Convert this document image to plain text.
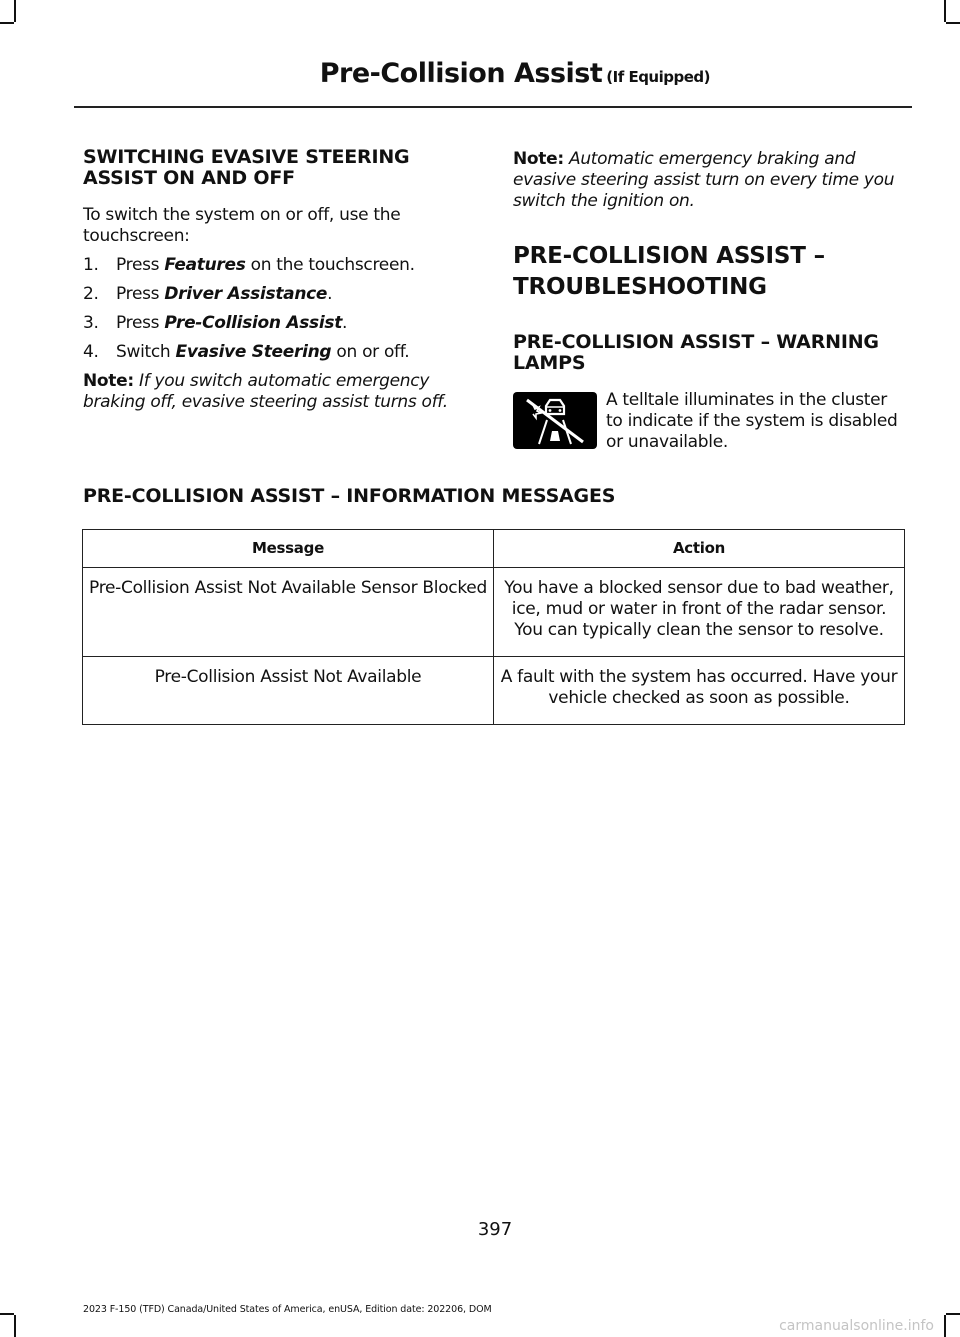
Pre-Collision Assist (If Equipped)
SWITCHING EVASIVE STEERING ASSIST ON AND OFF

To switch the system on or off, use the touchscreen:

1.	Press Features on the touchscreen.
2.	Press Driver Assistance.
3.	Press Pre-Collision Assist.
4.	Switch Evasive Steering on or off.

Note: If you switch automatic emergency braking off, evasive steering assist turns off.

Note: Automatic emergency braking and evasive steering assist turn on every time you switch the ignition on.

PRE-COLLISION ASSIST –
TROUBLESHOOTING
PRE-COLLISION ASSIST – WARNING LAMPS

A telltale illuminates in the cluster to indicate if the system is disabled or unavailable.

PRE-COLLISION ASSIST – INFORMATION MESSAGES
Message	Action
Pre-Collision Assist Not Available Sensor Blocked	You have a blocked sensor due to bad weather, ice, mud or water in front of the radar sensor. You can typically clean the sensor to resolve.
Pre-Collision Assist Not Available	A fault with the system has occurred. Have your vehicle checked as soon as possible.
397
2023 F-150 (TFD) Canada/United States of America, enUSA, Edition date: 202206, DOM
carmanualsonline.info
